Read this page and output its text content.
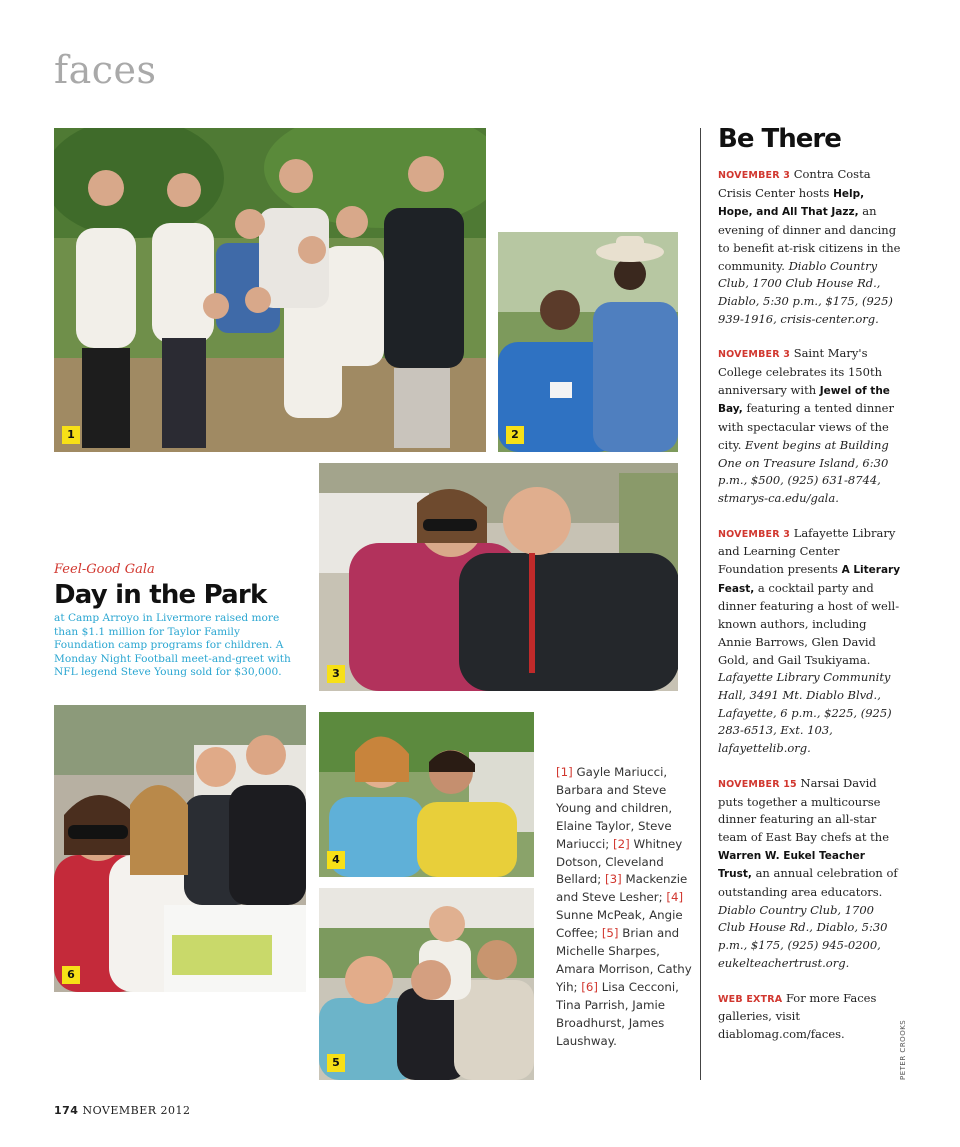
faces
1	2
3
4
5
6
Feel-Good Gala
Day in the Park
at Camp Arroyo in Livermore raised more than $1.1 million for Taylor Family Foundation camp programs for children. A Monday Night Football meet-and-greet with NFL legend Steve Young sold for $30,000.
[1] Gayle Mariucci, Barbara and Steve Young and children, Elaine Taylor, Steve Mariucci; [2] Whitney Dotson, Cleveland Bellard; [3] Mackenzie and Steve Lesher; [4] Sunne McPeak, Angie Coffee; [5] Brian and Michelle Sharpes, Amara Morrison, Cathy Yih; [6] Lisa Cecconi, Tina Parrish, Jamie Broadhurst, James Laushway.
Be There
NOVEMBER 3 Contra Costa Crisis Center hosts Help, Hope, and All That Jazz, an evening of dinner and dancing to benefit at-risk citizens in the community. Diablo Country Club, 1700 Club House Rd., Diablo, 5:30 p.m., $175, (925) 939-1916, crisis-center.org.
NOVEMBER 3 Saint Mary's College celebrates its 150th anniversary with Jewel of the Bay, featuring a tented dinner with spectacular views of the city. Event begins at Building One on Treasure Island, 6:30 p.m., $500, (925) 631-8744, stmarys-ca.edu/gala.
NOVEMBER 3 Lafayette Library and Learning Center Foundation presents A Literary Feast, a cocktail party and dinner featuring a host of well-known authors, including Annie Barrows, Glen David Gold, and Gail Tsukiyama. Lafayette Library Community Hall, 3491 Mt. Diablo Blvd., Lafayette, 6 p.m., $225, (925) 283-6513, Ext. 103, lafayettelib.org.
NOVEMBER 15 Narsai David puts together a multicourse dinner featuring an all-star team of East Bay chefs at the Warren W. Eukel Teacher Trust, an annual celebration of outstanding area educators. Diablo Country Club, 1700 Club House Rd., Diablo, 5:30 p.m., $175, (925) 945-0200, eukelteachertrust.org.
WEB EXTRA For more Faces galleries, visit diablomag.com/faces.	PETER CROOKS
174 NOVEMBER 2012
